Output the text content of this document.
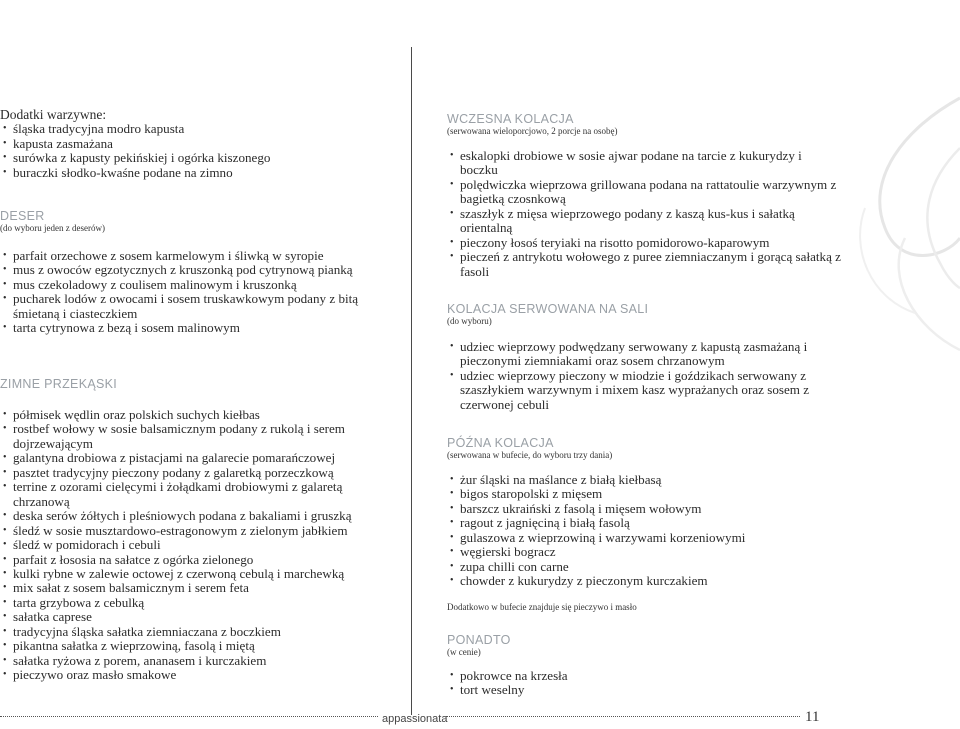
Dodatki warzywne:
• śląska tradycyjna modro kapusta
• kapusta zasmażana
• surówka z kapusty pekińskiej i ogórka kiszonego
• buraczki słodko-kwaśne podane na zimno
DESER
(do wyboru jeden z deserów)
• parfait orzechowe z sosem karmelowym i śliwką w syropie
• mus z owoców egzotycznych z kruszonką pod cytrynową pianką
• mus czekoladowy z coulisem malinowym i kruszonką
• pucharek lodów z owocami i sosem truskawkowym podany z bitą śmietaną i ciasteczkiem
• tarta cytrynowa z bezą i sosem malinowym
ZIMNE PRZEKĄSKI
• półmisek wędlin oraz polskich suchych kiełbas
• rostbef wołowy w sosie balsamicznym podany z rukolą i serem dojrzewającym
• galantyna drobiowa z pistacjami na galarecie pomarańczowej
• pasztet tradycyjny pieczony podany z galaretką porzeczkową
• terrine z ozorami cielęcymi i żołądkami drobiowymi z galaretą chrzanową
• deska serów żółtych i pleśniowych podana z bakaliami i gruszką
• śledź w sosie musztardowo-estragonowym z zielonym jabłkiem
• śledź w pomidorach i cebuli
• parfait z łososia na sałatce z ogórka zielonego
• kulki rybne w zalewie octowej z czerwoną cebulą i marchewką
• mix sałat z sosem balsamicznym i serem feta
• tarta grzybowa z cebulką
• sałatka caprese
• tradycyjna śląska sałatka ziemniaczana z boczkiem
• pikantna sałatka z wieprzowiną, fasolą i miętą
• sałatka ryżowa z porem, ananasem i kurczakiem
• pieczywo oraz masło smakowe
WCZESNA KOLACJA
(serwowana wieloporcjowo, 2 porcje na osobę)
• eskalopki drobiowe w sosie ajwar podane na tarcie z kukurydzy i boczku
• polędwiczka wieprzowa grillowana podana na rattatoulie warzywnym z bagietką czosnkową
• szaszłyk z mięsa wieprzowego podany z kaszą kus-kus i sałatką orientalną
• pieczony łosoś teryiaki na risotto pomidorowo-kaparowym
• pieczeń z antrykotu wołowego z puree ziemniaczanym i gorącą sałatką z fasoli
KOLACJA SERWOWANA NA SALI
(do wyboru)
• udziec wieprzowy podwędzany serwowany z kapustą zasmażaną i pieczonymi ziemniakami oraz sosem chrzanowym
• udziec wieprzowy pieczony w miodzie i goździkach serwowany z szaszłykiem warzywnym i mixem kasz wyprażanych oraz sosem z czerwonej cebuli
PÓŹNA KOLACJA
(serwowana w bufecie, do wyboru trzy dania)
• żur śląski na maślance z białą kiełbasą
• bigos staropolski z mięsem
• barszcz ukraiński z fasolą i mięsem wołowym
• ragout z jagnięciną i białą fasolą
• gulaszowa z wieprzowiną i warzywami korzeniowymi
• węgierski bogracz
• zupa chilli con carne
• chowder z kukurydzy z pieczonym kurczakiem
Dodatkowo w bufecie znajduje się pieczywo i masło
PONADTO
(w cenie)
• pokrowce na krzesła
• tort weselny
appassionata	11
